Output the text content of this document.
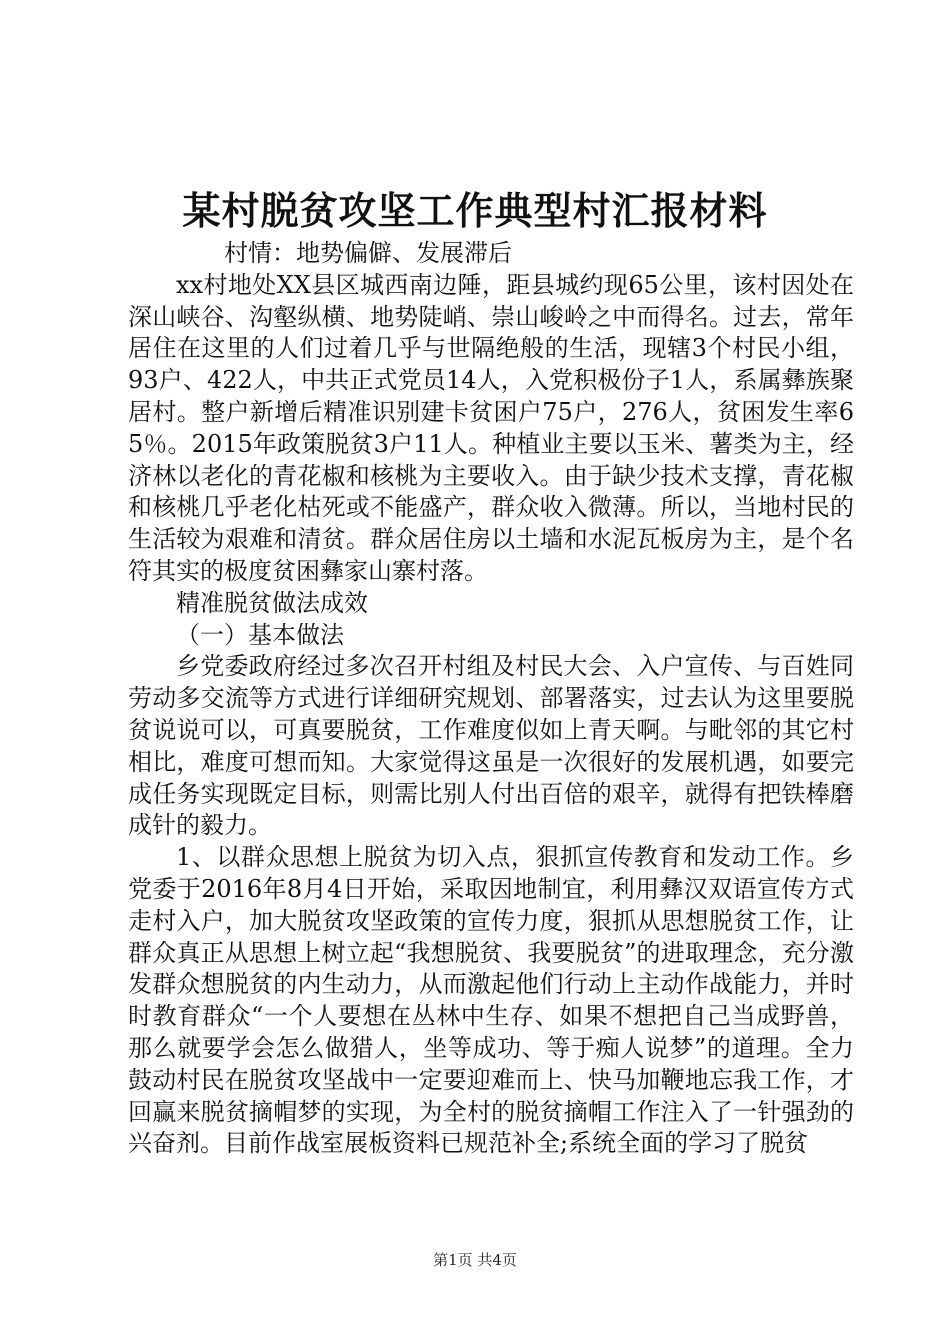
某村脱贫攻坚工作典型村汇报材料

村情：地势偏僻、发展滞后

xx村地处XX县区城西南边陲，距县城约现65公里，该村因处在深山峡谷、沟壑纵横、地势陡峭、崇山峻岭之中而得名。过去，常年居住在这里的人们过着几乎与世隔绝般的生活，现辖3个村民小组，93户、422人，中共正式党员14人，入党积极份子1人，系属彝族聚居村。整户新增后精准识别建卡贫困户75户，276人，贫困发生率65％。2015年政策脱贫3户11人。种植业主要以玉米、薯类为主，经济林以老化的青花椒和核桃为主要收入。由于缺少技术支撑，青花椒和核桃几乎老化枯死或不能盛产，群众收入微薄。所以，当地村民的生活较为艰难和清贫。群众居住房以土墙和水泥瓦板房为主，是个名符其实的极度贫困彝家山寨村落。

精准脱贫做法成效

（一）基本做法

乡党委政府经过多次召开村组及村民大会、入户宣传、与百姓同劳动多交流等方式进行详细研究规划、部署落实，过去认为这里要脱贫说说可以，可真要脱贫，工作难度似如上青天啊。与毗邻的其它村相比，难度可想而知。大家觉得这虽是一次很好的发展机遇，如要完成任务实现既定目标，则需比别人付出百倍的艰辛，就得有把铁棒磨成针的毅力。

1、以群众思想上脱贫为切入点，狠抓宣传教育和发动工作。乡党委于2016年8月4日开始，采取因地制宜，利用彝汉双语宣传方式走村入户，加大脱贫攻坚政策的宣传力度，狠抓从思想脱贫工作，让群众真正从思想上树立起“我想脱贫、我要脱贫”的进取理念，充分激发群众想脱贫的内生动力，从而激起他们行动上主动作战能力，并时时教育群众“一个人要想在丛林中生存、如果不想把自己当成野兽，那么就要学会怎么做猎人，坐等成功、等于痴人说梦”的道理。全力鼓动村民在脱贫攻坚战中一定要迎难而上、快马加鞭地忘我工作，才回赢来脱贫摘帽梦的实现，为全村的脱贫摘帽工作注入了一针强劲的兴奋剂。目前作战室展板资料已规范补全;系统全面的学习了脱贫

第1页 共4页
